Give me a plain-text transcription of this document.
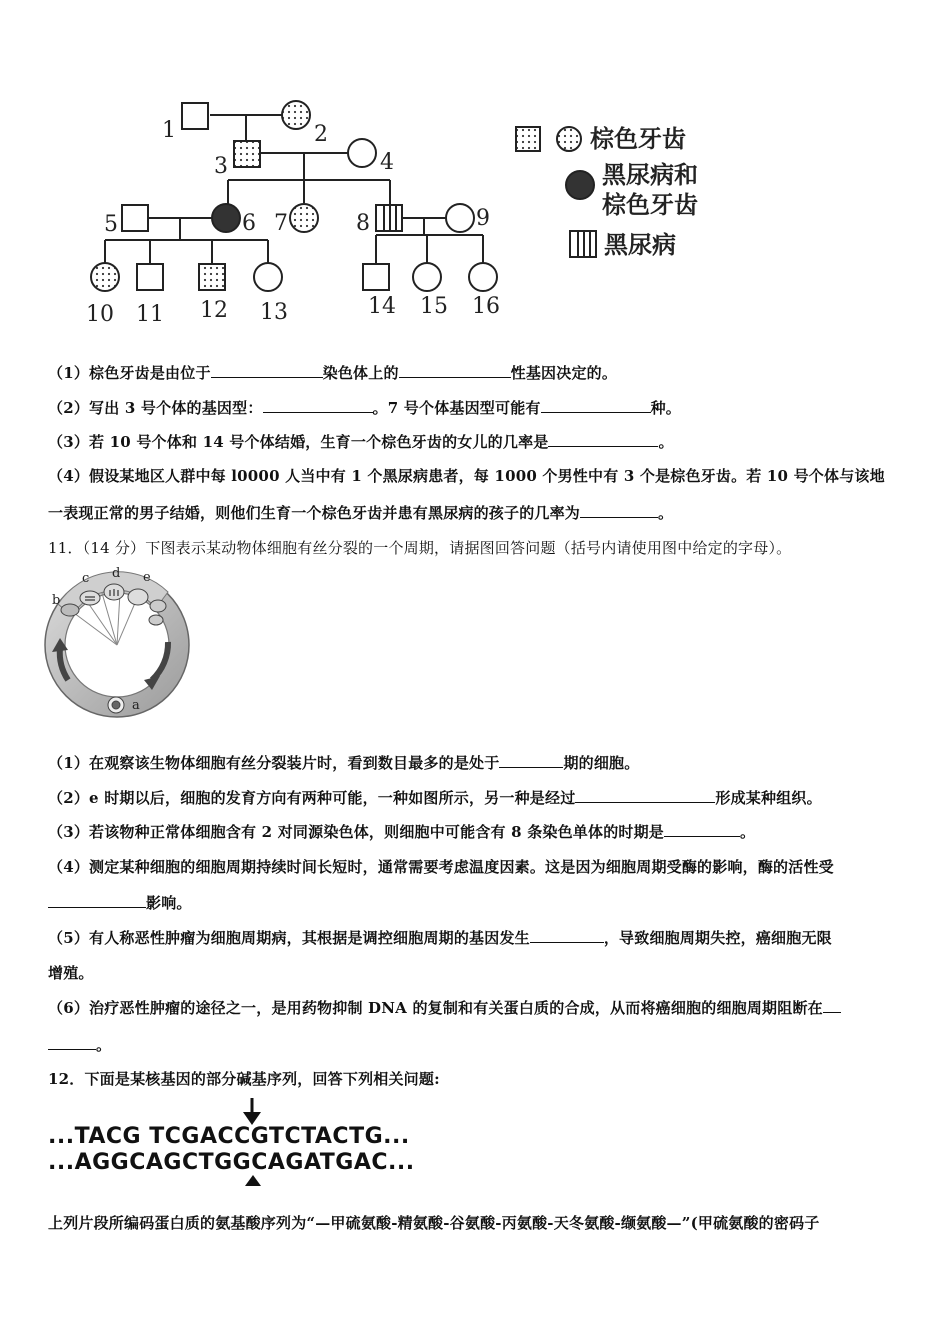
1	2
3	4
5	6 7	8	9
10 11 12 13	14 15 16
棕色牙齿
黑尿病和
棕色牙齿
黑尿病
（1）棕色牙齿是由位于	染色体上的	性基因决定的。
（2）写出 3 号个体的基因型：	。7 号个体基因型可能有	种。
（3）若 10 号个体和 14 号个体结婚，生育一个棕色牙齿的女儿的几率是	。
（4）假设某地区人群中每 l0000 人当中有 1 个黑尿病患者，每 1000 个男性中有 3 个是棕色牙齿。若 10 号个体与该地
一表现正常的男子结婚，则他们生育一个棕色牙齿并患有黑尿病的孩子的几率为	。
11．（14 分）下图表示某动物体细胞有丝分裂的一个周期，请据图回答问题（括号内请使用图中给定的字母）。
b
c d e
a
（1）在观察该生物体细胞有丝分裂装片时，看到数目最多的是处于	期的细胞。
（2）e 时期以后，细胞的发育方向有两种可能，一种如图所示，另一种是经过	形成某种组织。
（3）若该物种正常体细胞含有 2 对同源染色体，则细胞中可能含有 8 条染色单体的时期是	。
（4）测定某种细胞的细胞周期持续时间长短时，通常需要考虑温度因素。这是因为细胞周期受酶的影响，酶的活性受
影响。
（5）有人称恶性肿瘤为细胞周期病，其根据是调控细胞周期的基因发生	，导致细胞周期失控，癌细胞无限
增殖。
（6）治疗恶性肿瘤的途径之一，是用药物抑制 DNA 的复制和有关蛋白质的合成，从而将癌细胞的细胞周期阻断在
。
12．下面是某核基因的部分碱基序列，回答下列相关问题:
...TACG TCGACCGTCTACTG...
...AGGCAGCTGGCAGATGAC...
上列片段所编码蛋白质的氨基酸序列为“—甲硫氨酸-精氨酸-谷氨酸-丙氨酸-天冬氨酸-缬氨酸—”(甲硫氨酸的密码子
